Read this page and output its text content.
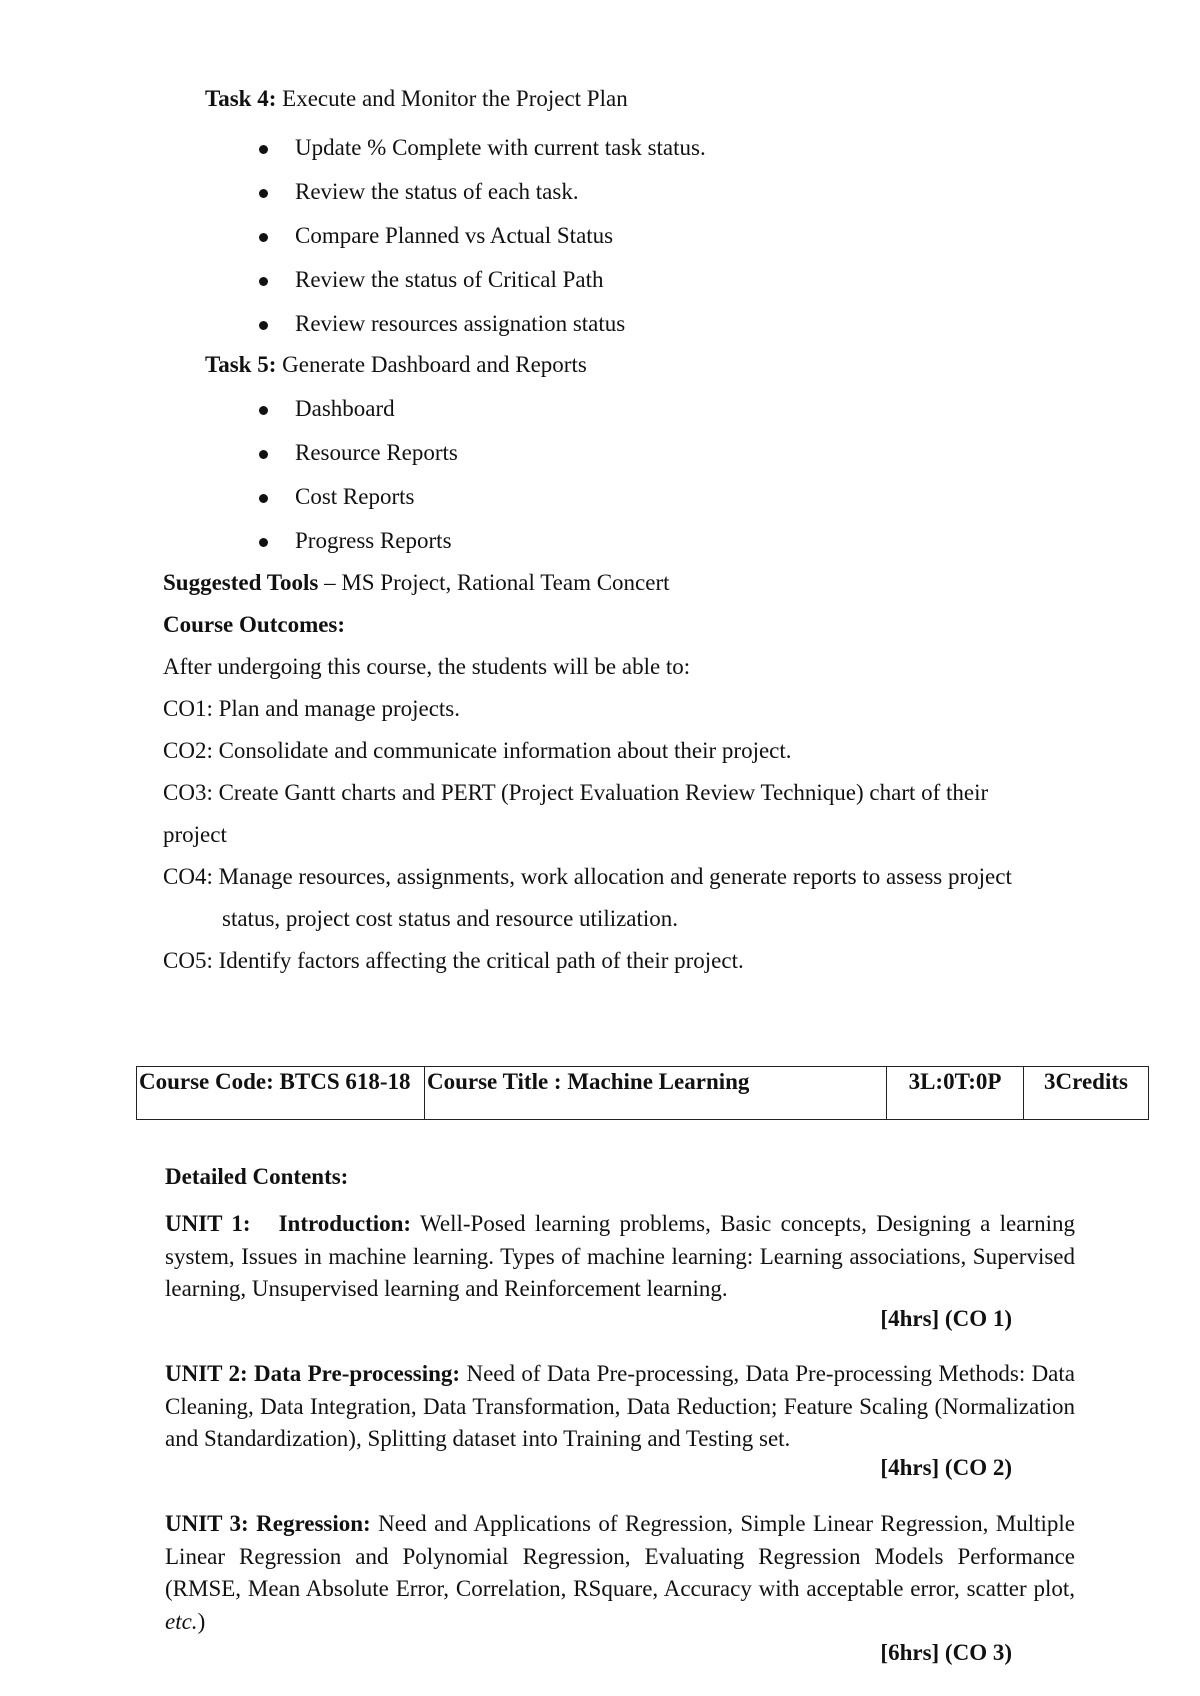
Task 4: Execute and Monitor the Project Plan
Update % Complete with current task status.
Review the status of each task.
Compare Planned vs Actual Status
Review the status of Critical Path
Review resources assignation status
Task 5: Generate Dashboard and Reports
Dashboard
Resource Reports
Cost Reports
Progress Reports
Suggested Tools – MS Project, Rational Team Concert
Course Outcomes:
After undergoing this course, the students will be able to:
CO1: Plan and manage projects.
CO2: Consolidate and communicate information about their project.
CO3: Create Gantt charts and PERT (Project Evaluation Review Technique) chart of their
project
CO4: Manage resources, assignments, work allocation and generate reports to assess project
status, project cost status and resource utilization.
CO5: Identify factors affecting the critical path of their project.
Course Code: BTCS 618-18	Course Title : Machine Learning	3L:0T:0P	3Credits
Detailed Contents:

UNIT 1: Introduction: Well-Posed learning problems, Basic concepts, Designing a learning system, Issues in machine learning. Types of machine learning: Learning associations, Supervised learning, Unsupervised learning and Reinforcement learning.

[4hrs] (CO 1)

UNIT 2: Data Pre-processing: Need of Data Pre-processing, Data Pre-processing Methods: Data Cleaning, Data Integration, Data Transformation, Data Reduction; Feature Scaling (Normalization and Standardization), Splitting dataset into Training and Testing set.

[4hrs] (CO 2)

UNIT 3: Regression: Need and Applications of Regression, Simple Linear Regression, Multiple Linear Regression and Polynomial Regression, Evaluating Regression Models Performance (RMSE, Mean Absolute Error, Correlation, RSquare, Accuracy with acceptable error, scatter plot, etc.)

[6hrs] (CO 3)
